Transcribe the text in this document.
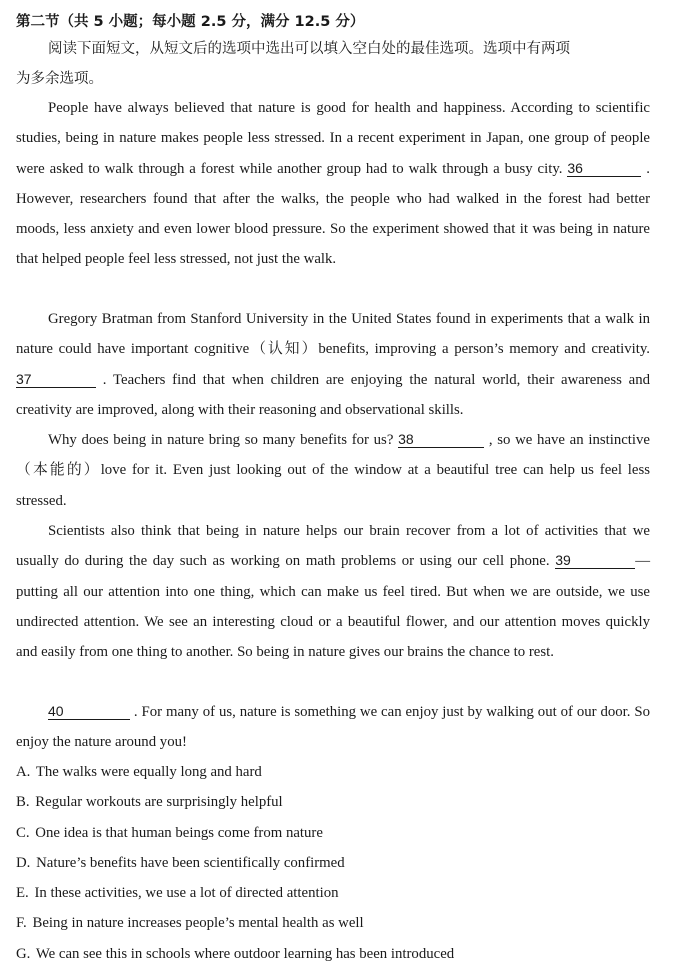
第二节（共 5 小题；每小题 2.5 分，满分 12.5 分）
阅读下面短文，从短文后的选项中选出可以填入空白处的最佳选项。选项中有两项
为多余选项。

People have always believed that nature is good for health and happiness. According to scientific studies, being in nature makes people less stressed. In a recent experiment in Japan, one group of people were asked to walk through a forest while another group had to walk through a busy city. 36	. However, researchers found that after the walks, the people who had walked in the forest had better moods, less anxiety and even lower blood pressure. So the experiment showed that it was being in nature that helped people feel less stressed, not just the walk.

Gregory Bratman from Stanford University in the United States found in experiments that a walk in nature could have important cognitive（认知）benefits, improving a person’s memory and creativity. 37	. Teachers find that when children are enjoying the natural world, their awareness and creativity are improved, along with their reasoning and observational skills.

Why does being in nature bring so many benefits for us? 38	, so we have an instinctive（本能的）love for it. Even just looking out of the window at a beautiful tree can help us feel less stressed.

Scientists also think that being in nature helps our brain recover from a lot of activities that we usually do during the day such as working on math problems or using our cell phone. 39	— putting all our attention into one thing, which can make us feel tired. But when we are outside, we use undirected attention. We see an interesting cloud or a beautiful flower, and our attention moves quickly and easily from one thing to another. So being in nature gives our brains the chance to rest.

40	. For many of us, nature is something we can enjoy just by walking out of our door. So enjoy the nature around you!

A. The walks were equally long and hard
B. Regular workouts are surprisingly helpful
C. One idea is that human beings come from nature
D. Nature’s benefits have been scientifically confirmed
E. In these activities, we use a lot of directed attention
F. Being in nature increases people’s mental health as well
G. We can see this in schools where outdoor learning has been introduced
